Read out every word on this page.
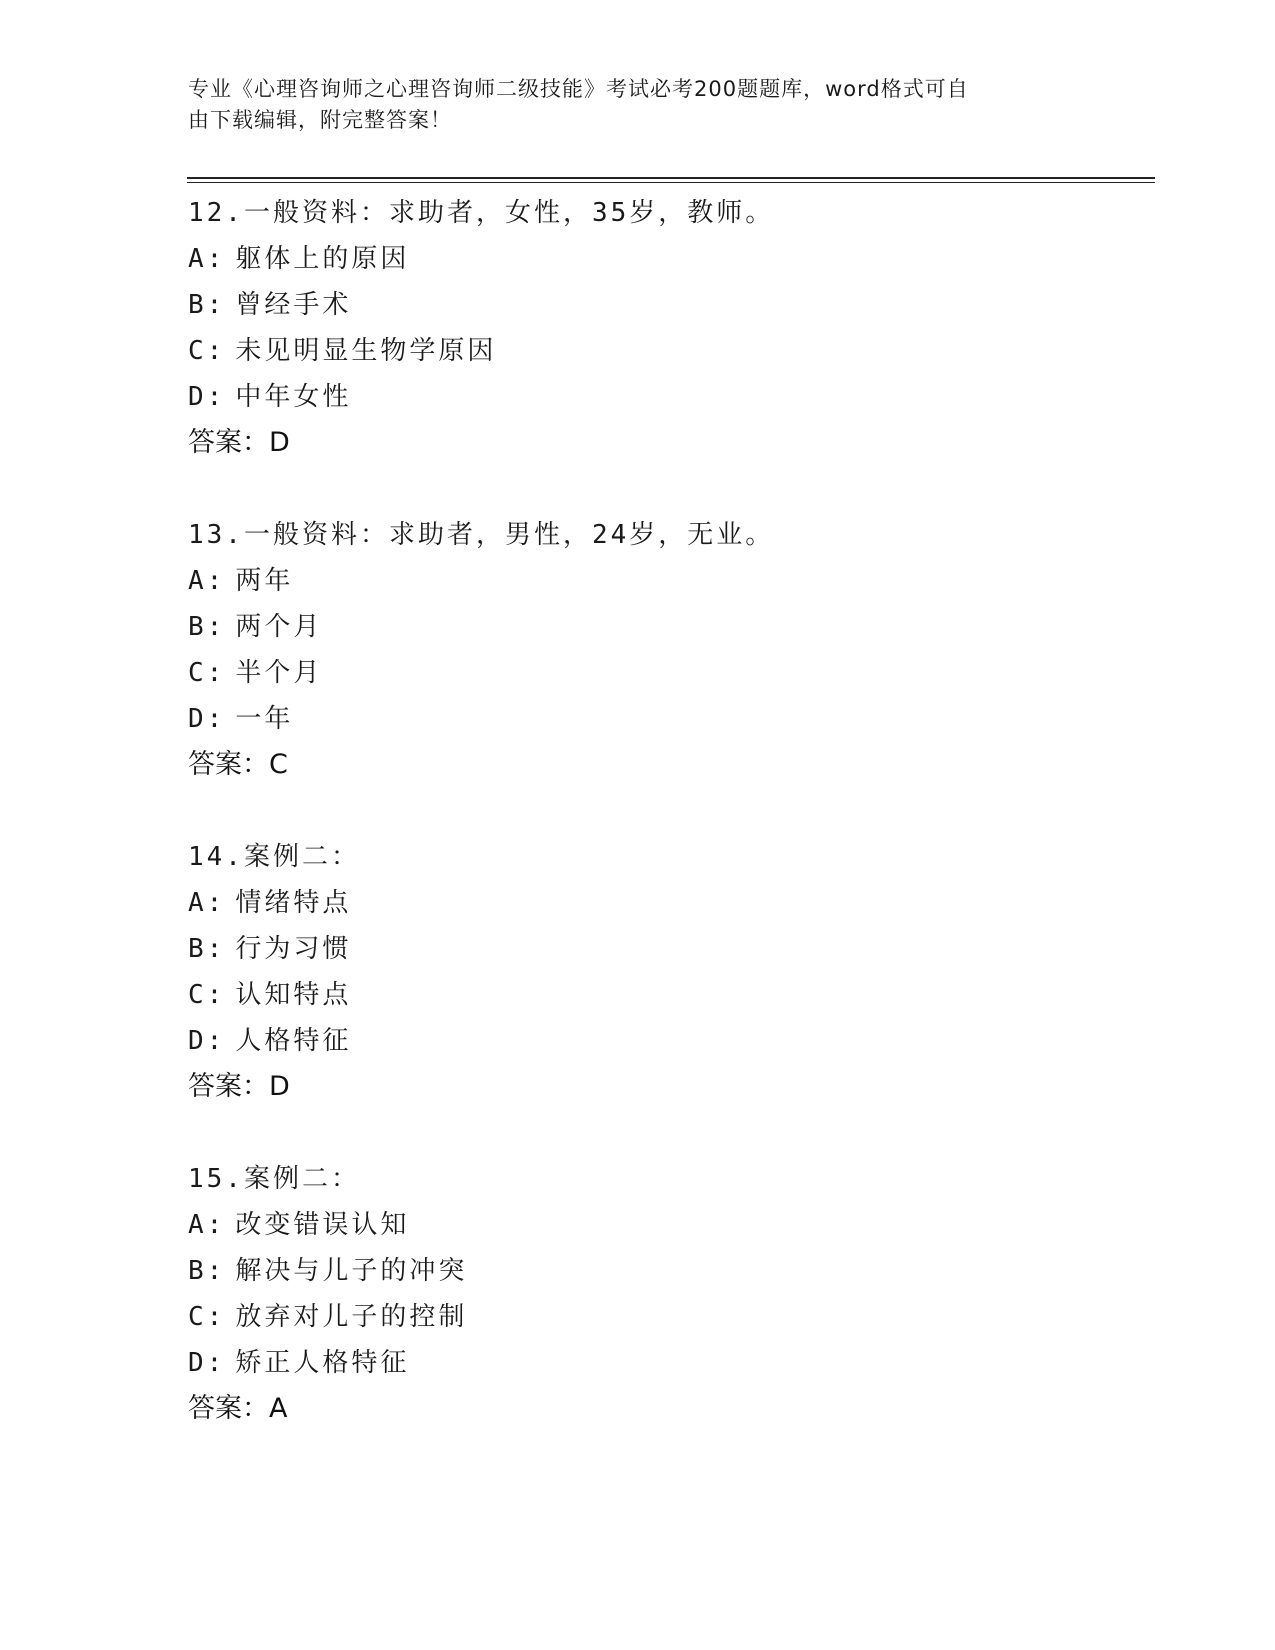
专业《心理咨询师之心理咨询师二级技能》考试必考200题题库，word格式可自
由下载编辑，附完整答案！
12.一般资料：求助者，女性，35岁，教师。
A: 躯体上的原因
B: 曾经手术
C: 未见明显生物学原因
D: 中年女性
答案：D
13.一般资料：求助者，男性，24岁，无业。
A: 两年
B: 两个月
C: 半个月
D: 一年
答案：C
14.案例二：
A: 情绪特点
B: 行为习惯
C: 认知特点
D: 人格特征
答案：D
15.案例二：
A: 改变错误认知
B: 解决与儿子的冲突
C: 放弃对儿子的控制
D: 矫正人格特征
答案：A
